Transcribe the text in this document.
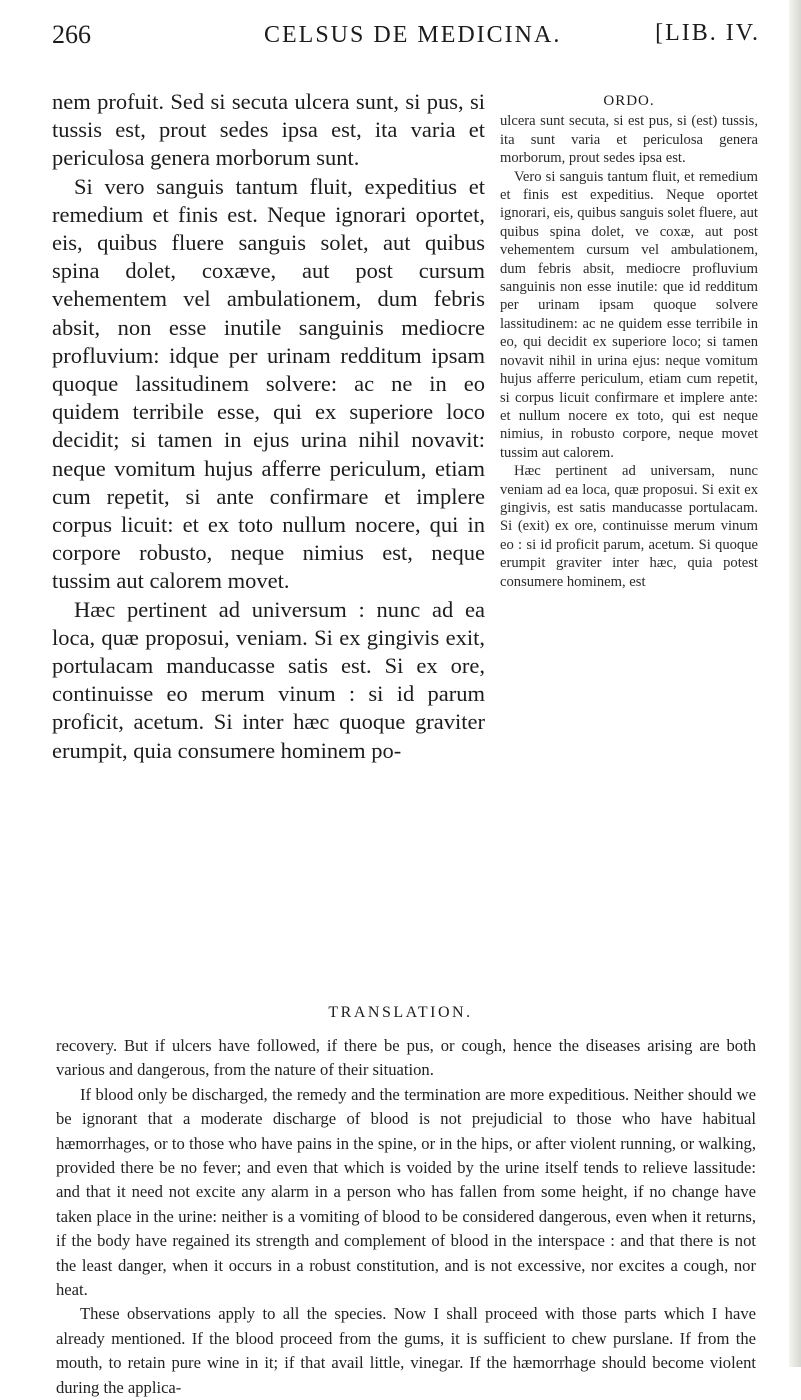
266	CELSUS DE MEDICINA.	[LIB. IV.

nem profuit. Sed si secuta ulcera sunt, si pus, si tussis est, prout sedes ipsa est, ita varia et periculosa genera morborum sunt.

Si vero sanguis tantum fluit, expeditius et remedium et finis est. Neque ignorari oportet, eis, quibus fluere sanguis solet, aut quibus spina dolet, coxæve, aut post cursum vehementem vel ambulationem, dum febris absit, non esse inutile sanguinis mediocre profluvium: idque per urinam redditum ipsam quoque lassitudinem solvere: ac ne in eo quidem terribile esse, qui ex superiore loco decidit; si tamen in ejus urina nihil novavit: neque vomitum hujus afferre periculum, etiam cum repetit, si ante confirmare et implere corpus licuit: et ex toto nullum nocere, qui in corpore robusto, neque nimius est, neque tussim aut calorem movet.

Hæc pertinent ad universum : nunc ad ea loca, quæ proposui, veniam. Si ex gingivis exit, portulacam manducasse satis est. Si ex ore, continuisse eo merum vinum : si id parum proficit, acetum. Si inter hæc quoque graviter erumpit, quia consumere hominem po-

ORDO.

ulcera sunt secuta, si est pus, si (est) tussis, ita sunt varia et periculosa genera morborum, prout sedes ipsa est.

Vero si sanguis tantum fluit, et remedium et finis est expeditius. Neque oportet ignorari, eis, quibus sanguis solet fluere, aut quibus spina dolet, ve coxæ, aut post vehementem cursum vel ambulationem, dum febris absit, mediocre profluvium sanguinis non esse inutile: que id redditum per urinam ipsam quoque solvere lassitudinem: ac ne quidem esse terribile in eo, qui decidit ex superiore loco; si tamen novavit nihil in urina ejus: neque vomitum hujus afferre periculum, etiam cum repetit, si corpus licuit confirmare et implere ante: et nullum nocere ex toto, qui est neque nimius, in robusto corpore, neque movet tussim aut calorem.

Hæc pertinent ad universam, nunc veniam ad ea loca, quæ proposui. Si exit ex gingivis, est satis manducasse portulacam. Si (exit) ex ore, continuisse merum vinum eo : si id proficit parum, acetum. Si quoque erumpit graviter inter hæc, quia potest consumere hominem, est

TRANSLATION.

recovery. But if ulcers have followed, if there be pus, or cough, hence the diseases arising are both various and dangerous, from the nature of their situation.

If blood only be discharged, the remedy and the termination are more expeditious. Neither should we be ignorant that a moderate discharge of blood is not prejudicial to those who have habitual hæmorrhages, or to those who have pains in the spine, or in the hips, or after violent running, or walking, provided there be no fever; and even that which is voided by the urine itself tends to relieve lassitude: and that it need not excite any alarm in a person who has fallen from some height, if no change have taken place in the urine: neither is a vomiting of blood to be considered dangerous, even when it returns, if the body have regained its strength and complement of blood in the interspace : and that there is not the least danger, when it occurs in a robust constitution, and is not excessive, nor excites a cough, nor heat.

These observations apply to all the species. Now I shall proceed with those parts which I have already mentioned. If the blood proceed from the gums, it is sufficient to chew purslane. If from the mouth, to retain pure wine in it; if that avail little, vinegar. If the hæmorrhage should become violent during the applica-
